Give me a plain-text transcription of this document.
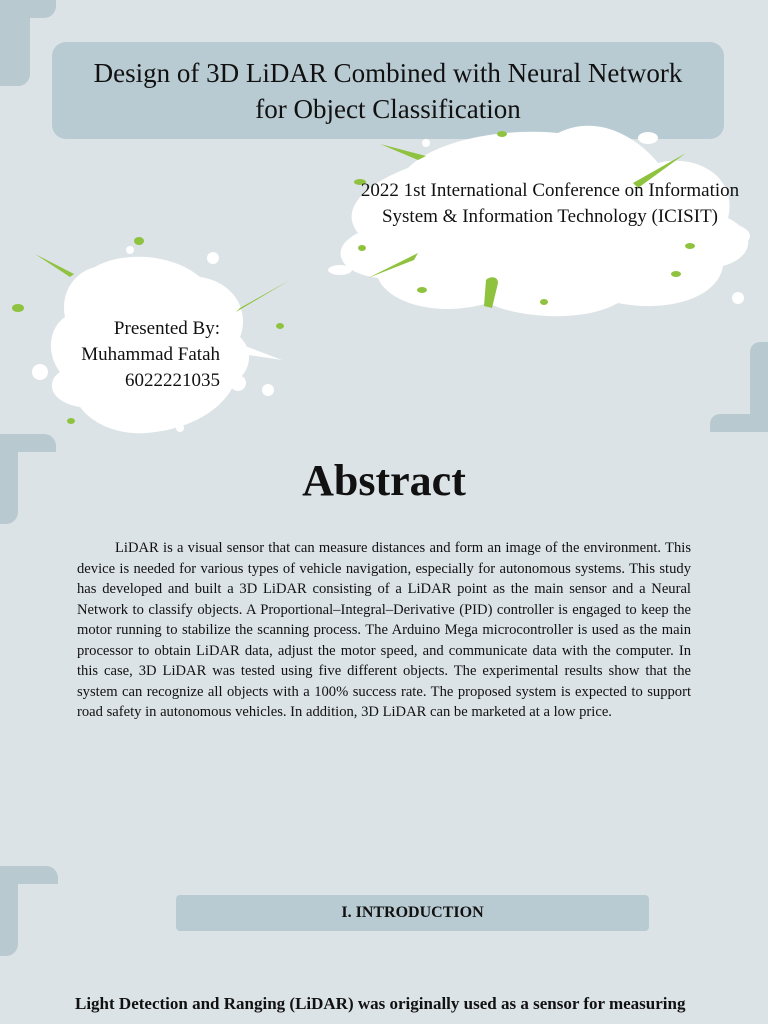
Design of 3D LiDAR Combined with Neural Network for Object Classification
2022 1st International Conference on Information System & Information Technology (ICISIT)
Presented By:
Muhammad Fatah
6022221035
Abstract

LiDAR is a visual sensor that can measure distances and form an image of the environment. This device is needed for various types of vehicle navigation, especially for autonomous systems. This study has developed and built a 3D LiDAR consisting of a LiDAR point as the main sensor and a Neural Network to classify objects. A Proportional–Integral–Derivative (PID) controller is engaged to keep the motor running to stabilize the scanning process. The Arduino Mega microcontroller is used as the main processor to obtain LiDAR data, adjust the motor speed, and communicate data with the computer. In this case, 3D LiDAR was tested using five different objects. The experimental results show that the system can recognize all objects with a 100% success rate. The proposed system is expected to support road safety in autonomous vehicles. In addition, 3D LiDAR can be marketed at a low price.

I. INTRODUCTION

Light Detection and Ranging (LiDAR) was originally used as a sensor for measuring
